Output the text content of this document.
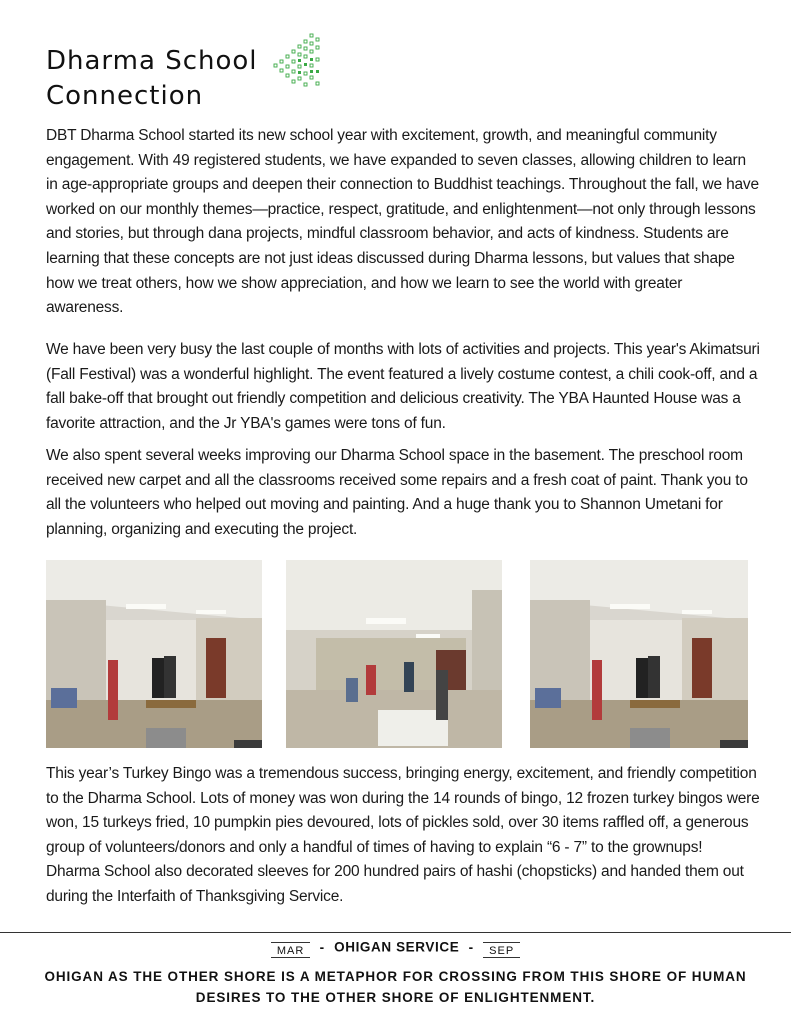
Dharma School
Connection

DBT Dharma School started its new school year with excitement, growth, and meaningful community engagement. With 49 registered students, we have expanded to seven classes, allowing children to learn in age-appropriate groups and deepen their connection to Buddhist teachings. Throughout the fall, we have worked on our monthly themes—practice, respect, gratitude, and enlightenment—not only through lessons and stories, but through dana projects, mindful classroom behavior, and acts of kindness. Students are learning that these concepts are not just ideas discussed during Dharma lessons, but values that shape how we treat others, how we show appreciation, and how we learn to see the world with greater awareness.

We have been very busy the last couple of months with lots of activities and projects. This year's Akimatsuri (Fall Festival) was a wonderful highlight. The event featured a lively costume contest, a chili cook-off, and a fall bake-off that brought out friendly competition and delicious creativity. The YBA Haunted House was a favorite attraction, and the Jr YBA's games were tons of fun.

We also spent several weeks improving our Dharma School space in the basement. The preschool room received new carpet and all the classrooms received some repairs and a fresh coat of paint. Thank you to all the volunteers who helped out moving and painting. And a huge thank you to Shannon Umetani for planning, organizing and executing the project.

This year’s Turkey Bingo was a tremendous success, bringing energy, excitement, and friendly competition to the Dharma School. Lots of money was won during the 14 rounds of bingo, 12 frozen turkey bingos were won, 15 turkeys fried, 10 pumpkin pies devoured, lots of pickles sold, over 30 items raffled off, a generous group of volunteers/donors and only a handful of times of having to explain “6 - 7” to the grownups! Dharma School also decorated sleeves for 200 hundred pairs of hashi (chopsticks) and handed them out during the Interfaith of Thanksgiving Service.

MAR - OHIGAN SERVICE - SEP
OHIGAN AS THE OTHER SHORE IS A METAPHOR FOR CROSSING FROM THIS SHORE OF HUMAN
DESIRES TO THE OTHER SHORE OF ENLIGHTENMENT.
